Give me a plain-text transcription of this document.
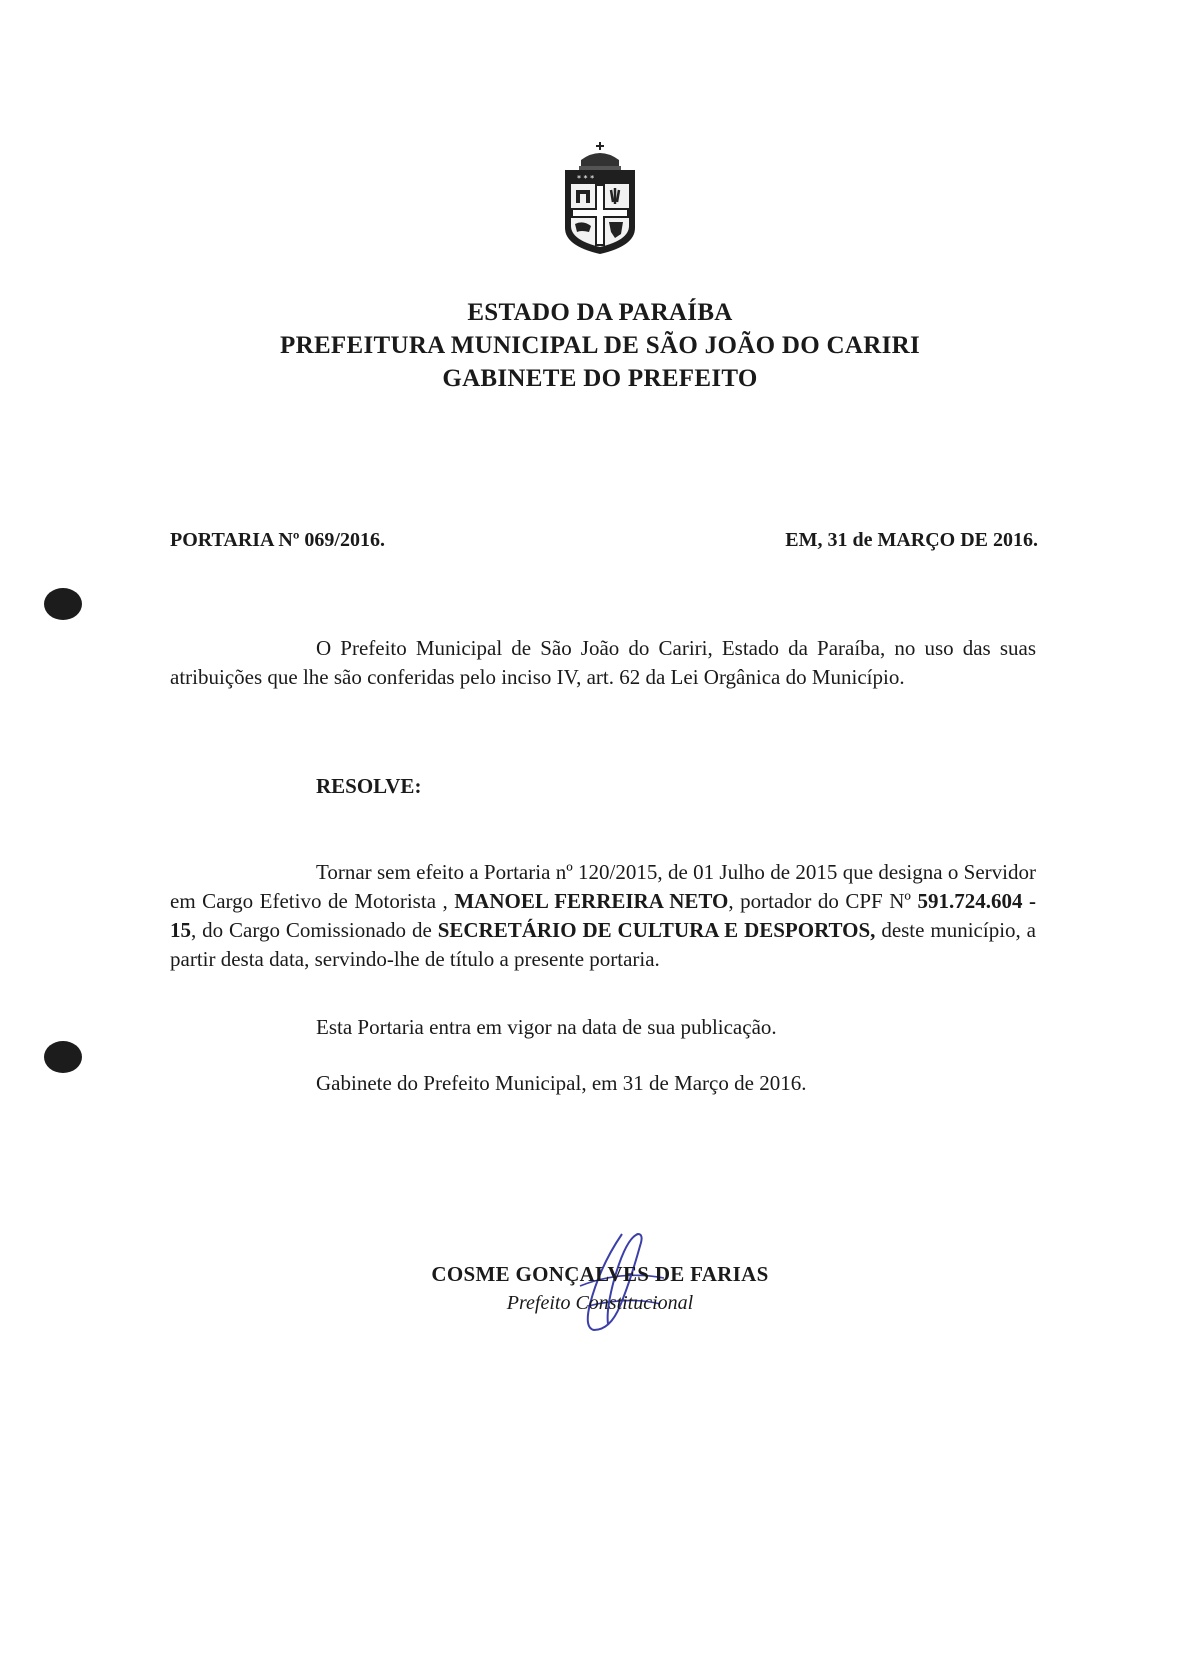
* * *
ESTADO DA PARAÍBA
PREFEITURA MUNICIPAL DE SÃO JOÃO DO CARIRI
GABINETE DO PREFEITO
PORTARIA Nº 069/2016.	EM, 31 de MARÇO DE 2016.
O Prefeito Municipal de São João do Cariri, Estado da Paraíba, no uso das suas atribuições que lhe são conferidas pelo inciso IV, art. 62 da Lei Orgânica do Município.
RESOLVE:
Tornar sem efeito a Portaria nº 120/2015, de 01 Julho de 2015 que designa o Servidor em Cargo Efetivo de Motorista , MANOEL FERREIRA NETO, portador do CPF Nº 591.724.604 - 15, do Cargo Comissionado de SECRETÁRIO DE CULTURA E DESPORTOS, deste município, a partir desta data, servindo-lhe de título a presente portaria.
Esta Portaria entra em vigor na data de sua publicação.
Gabinete do Prefeito Municipal, em 31 de Março de 2016.
COSME GONÇALVES DE FARIAS
Prefeito Constitucional
